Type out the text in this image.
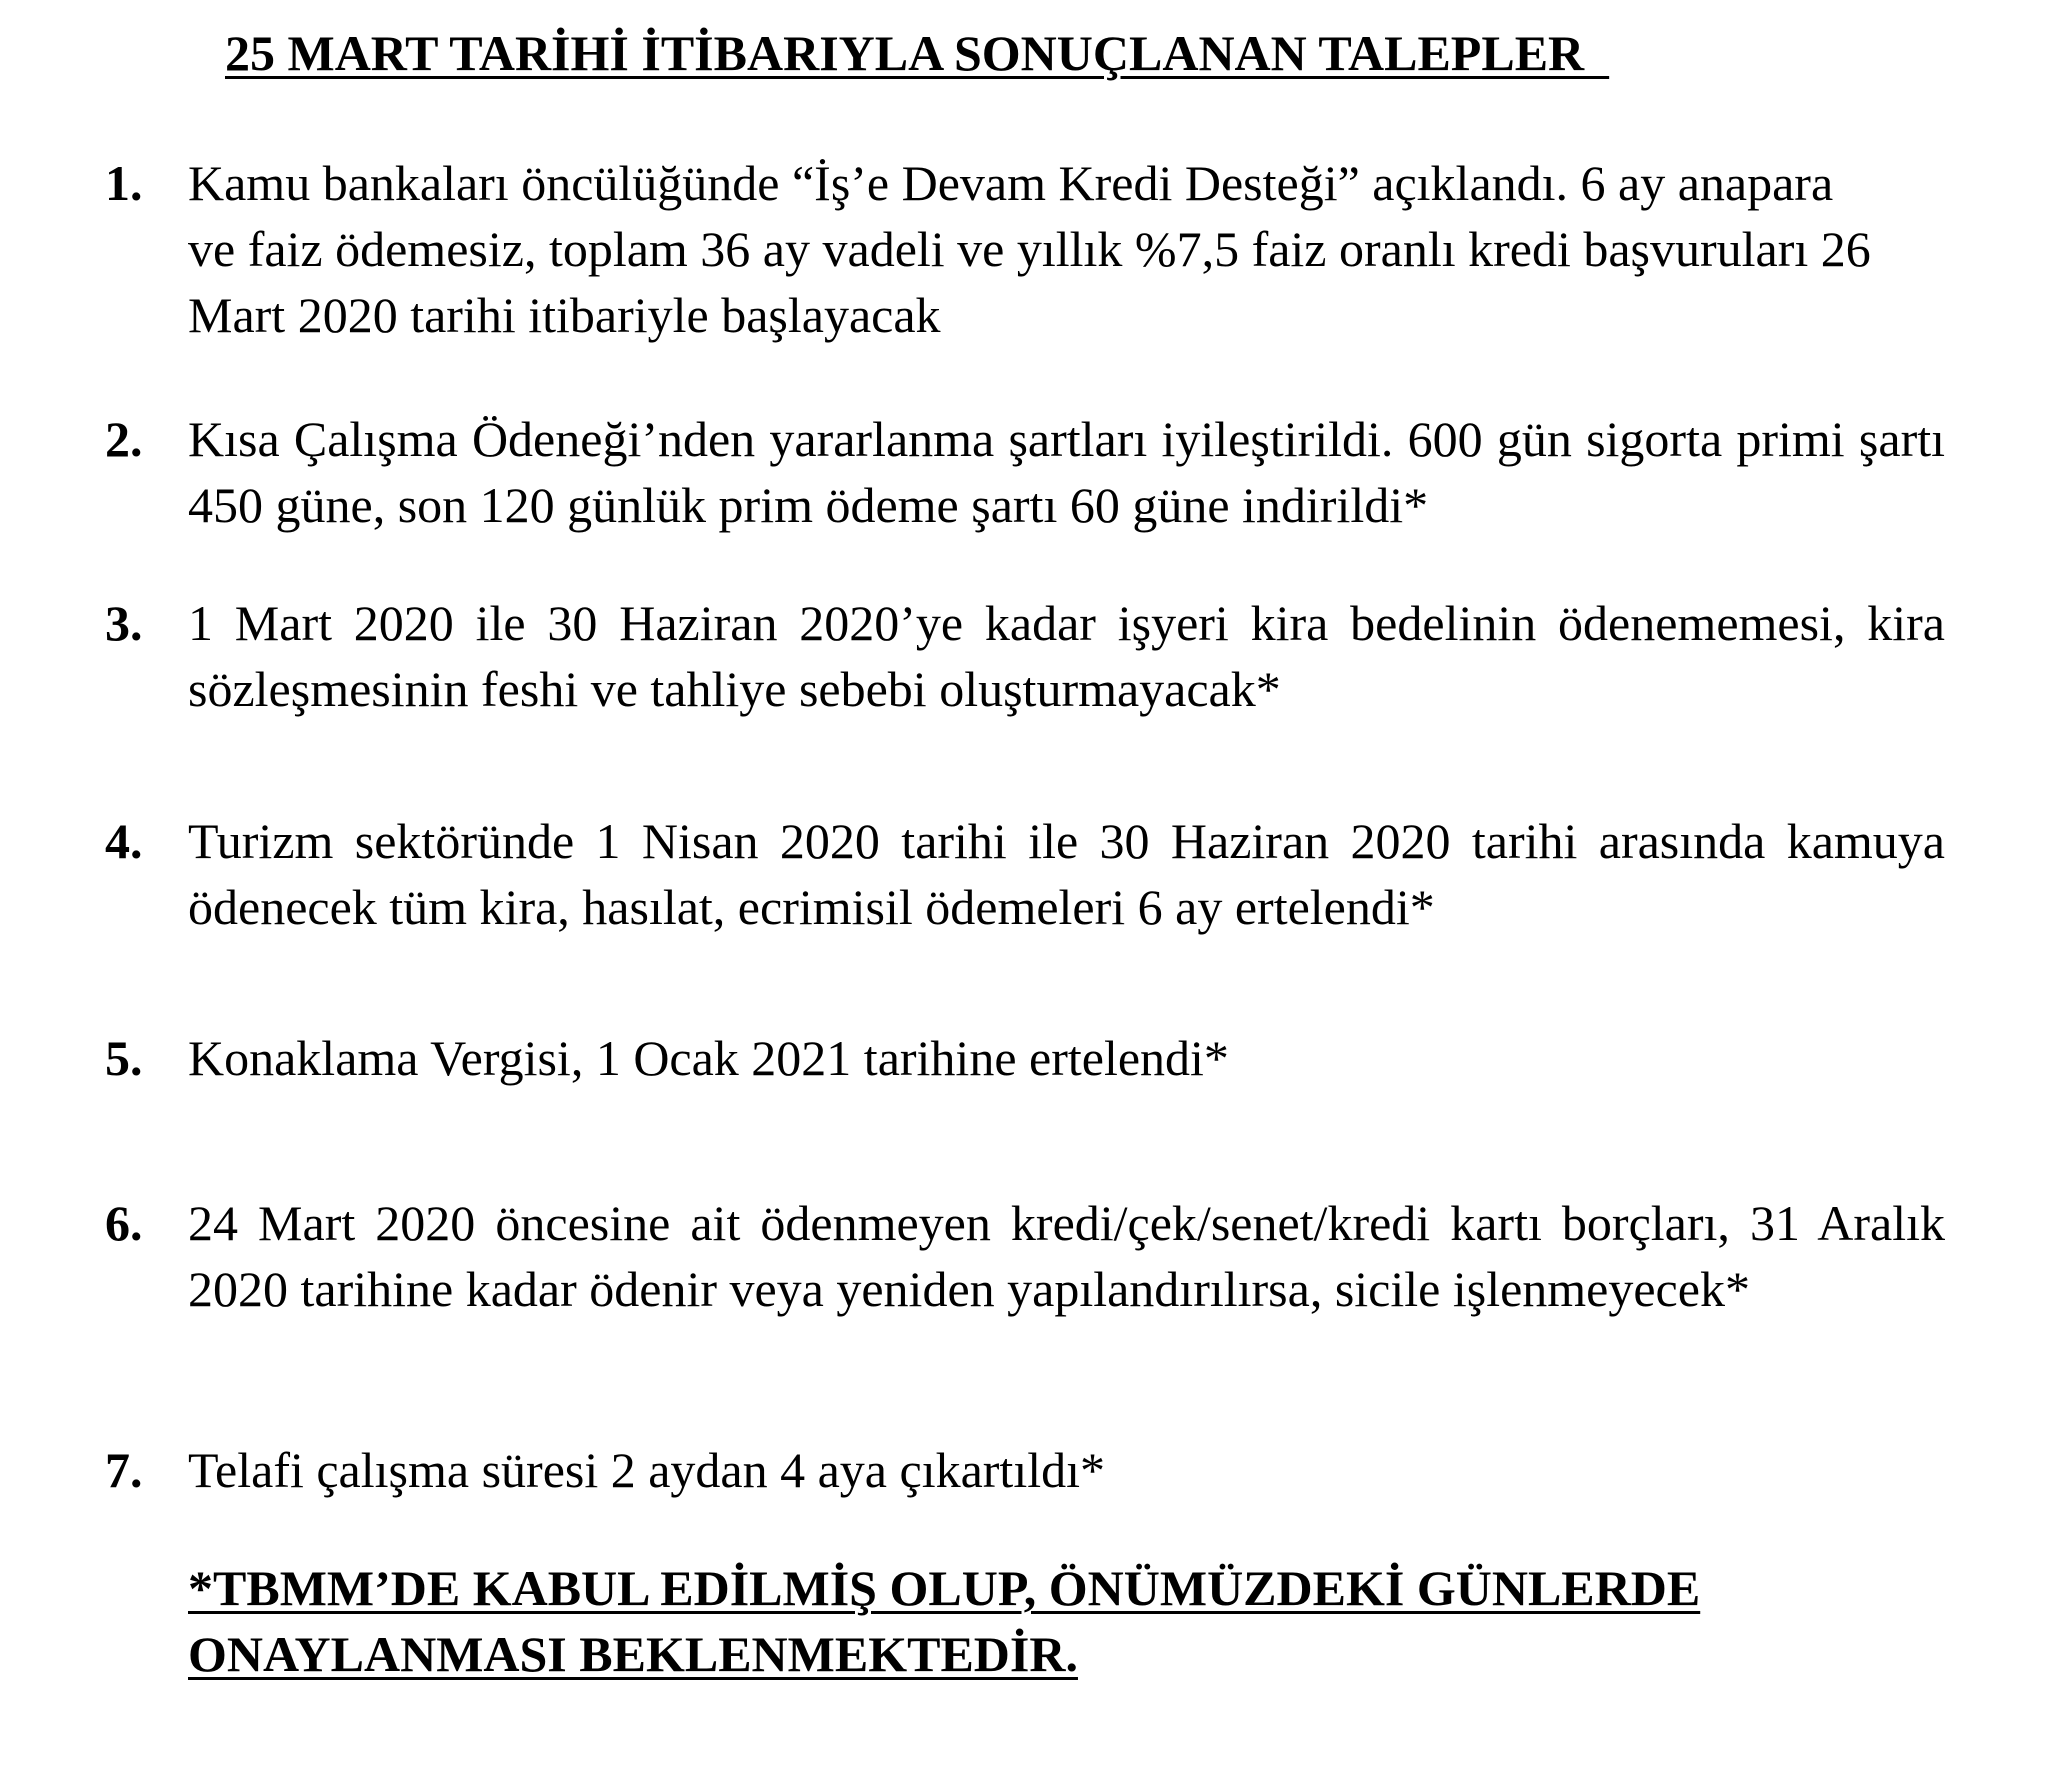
25 MART TARİHİ İTİBARIYLA SONUÇLANAN TALEPLER
1. Kamu bankaları öncülüğünde “İş’e Devam Kredi Desteği” açıklandı. 6 ay anapara ve faiz ödemesiz, toplam 36 ay vadeli ve yıllık %7,5 faiz oranlı kredi başvuruları 26 Mart 2020 tarihi itibariyle başlayacak
2. Kısa Çalışma Ödeneği’nden yararlanma şartları iyileştirildi. 600 gün sigorta primi şartı 450 güne, son 120 günlük prim ödeme şartı 60 güne indirildi*
3. 1 Mart 2020 ile 30 Haziran 2020’ye kadar işyeri kira bedelinin ödenememesi, kira sözleşmesinin feshi ve tahliye sebebi oluşturmayacak*
4. Turizm sektöründe 1 Nisan 2020 tarihi ile 30 Haziran 2020 tarihi arasında kamuya ödenecek tüm kira, hasılat, ecrimisil ödemeleri 6 ay ertelendi*
5. Konaklama Vergisi, 1 Ocak 2021 tarihine ertelendi*
6. 24 Mart 2020 öncesine ait ödenmeyen kredi/çek/senet/kredi kartı borçları, 31 Aralık 2020 tarihine kadar ödenir veya yeniden yapılandırılırsa, sicile işlenmeyecek*
7. Telafi çalışma süresi 2 aydan 4 aya çıkartıldı*

*TBMM’DE KABUL EDİLMİŞ OLUP, ÖNÜMÜZDEKİ GÜNLERDE ONAYLANMASI BEKLENMEKTEDİR.
